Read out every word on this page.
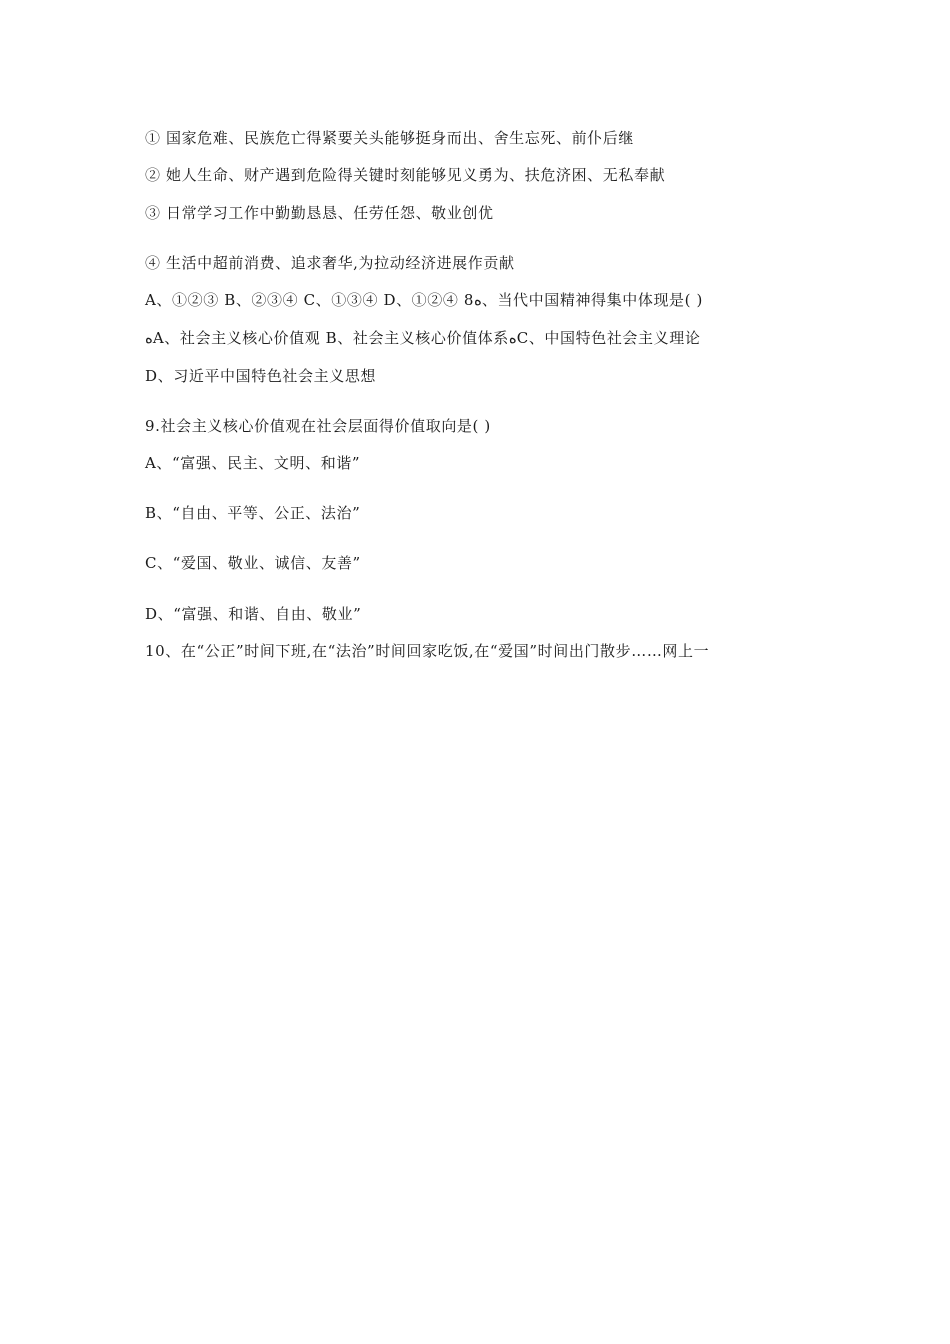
① 国家危难、民族危亡得紧要关头能够挺身而出、舍生忘死、前仆后继
② 她人生命、财产遇到危险得关键时刻能够见义勇为、扶危济困、无私奉献
③ 日常学习工作中勤勤恳恳、任劳任怨、敬业创优
④ 生活中超前消费、追求奢华,为拉动经济进展作贡献
A、①②③ B、②③④ C、①③④ D、①②④ 8ه、当代中国精神得集中体现是( )
ﻩA、社会主义核心价值观 B、社会主义核心价值体系ﻩC、中国特色社会主义理论
D、习近平中国特色社会主义思想
9.社会主义核心价值观在社会层面得价值取向是( )
A、“富强、民主、文明、和谐”
B、“自由、平等、公正、法治”
C、“爱国、敬业、诚信、友善”
D、“富强、和谐、自由、敬业”
10、在“公正”时间下班,在“法治”时间回家吃饭,在“爱国”时间出门散步……网上一
